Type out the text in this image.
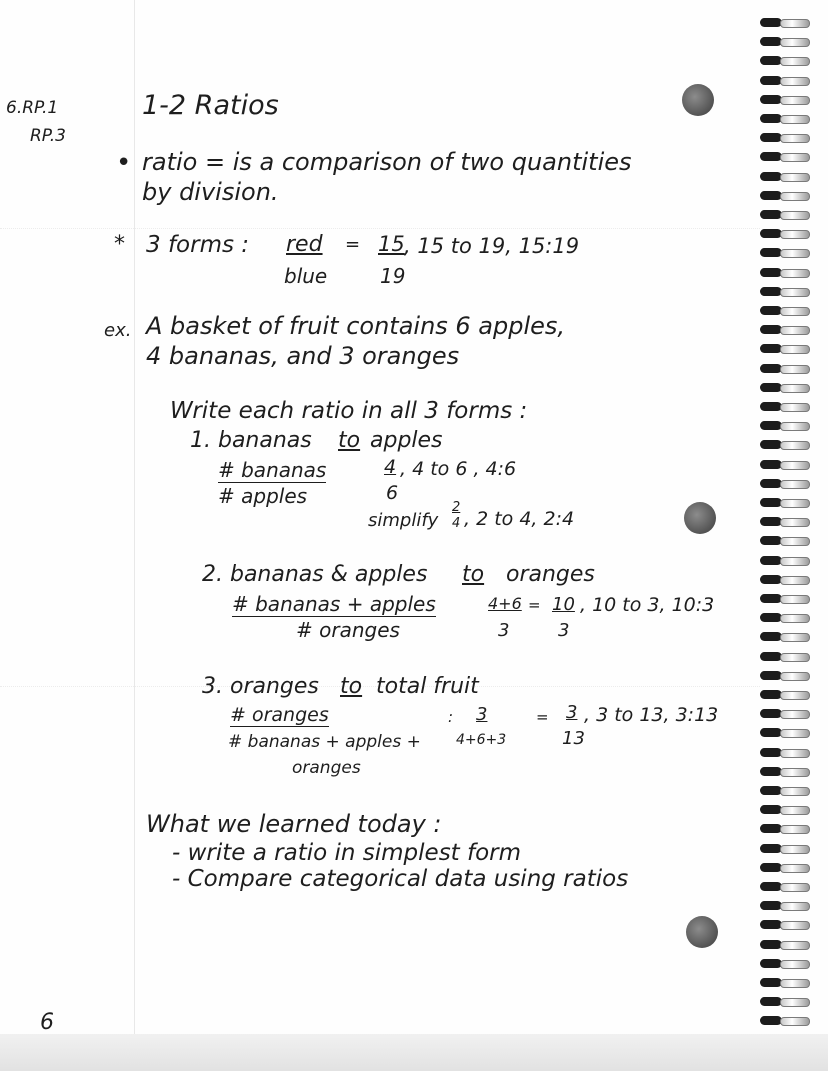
6.RP.1
RP.3
1-2 Ratios
• ratio = is a comparison of two quantities
by division.
* 3 forms : red
blue
= 15
19
, 15 to 19, 15:19
ex. A basket of fruit contains 6 apples,
4 bananas, and 3 oranges
Write each ratio in all 3 forms :
1. bananas to apples
# bananas
# apples
4
6
, 4 to 6 , 4:6
simplify
2
4 , 2 to 4, 2:4
2. bananas & apples to oranges
# bananas + apples
# oranges
4+6
3
= 10
3
, 10 to 3, 10:3
3. oranges to total fruit
# oranges
# bananas + apples +
oranges
: 3
4+6+3
= 3
13
, 3 to 13, 3:13
What we learned today :
- write a ratio in simplest form
- Compare categorical data using ratios
6
